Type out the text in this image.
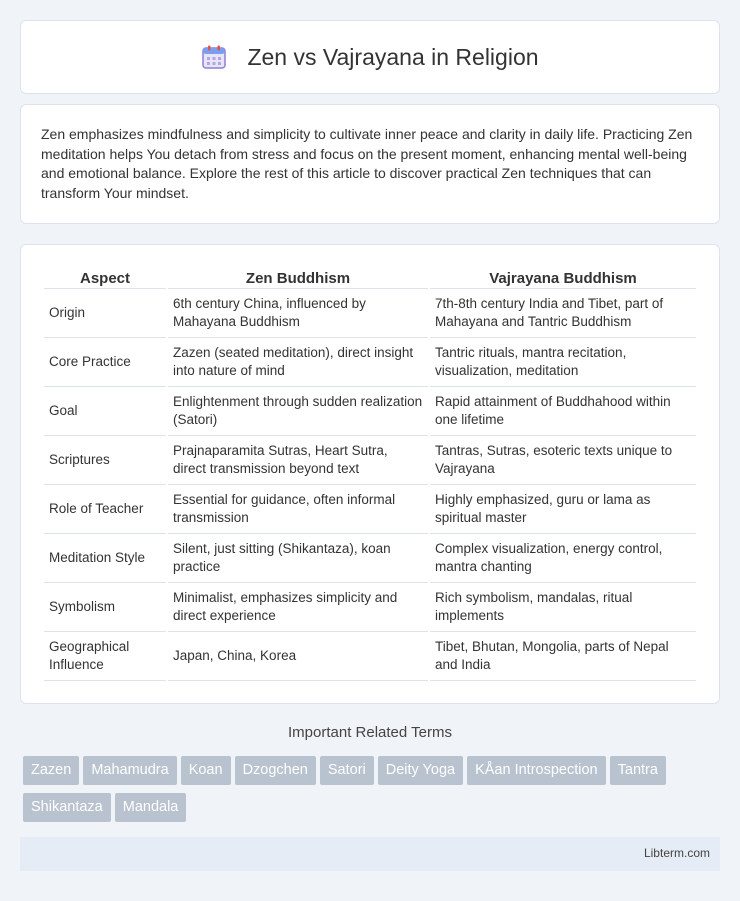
Zen vs Vajrayana in Religion

Zen emphasizes mindfulness and simplicity to cultivate inner peace and clarity in daily life. Practicing Zen meditation helps You detach from stress and focus on the present moment, enhancing mental well-being and emotional balance. Explore the rest of this article to discover practical Zen techniques that can transform Your mindset.

Aspect	Zen Buddhism	Vajrayana Buddhism
Origin	6th century China, influenced by Mahayana Buddhism	7th-8th century India and Tibet, part of Mahayana and Tantric Buddhism
Core Practice	Zazen (seated meditation), direct insight into nature of mind	Tantric rituals, mantra recitation, visualization, meditation
Goal	Enlightenment through sudden realization (Satori)	Rapid attainment of Buddhahood within one lifetime
Scriptures	Prajnaparamita Sutras, Heart Sutra, direct transmission beyond text	Tantras, Sutras, esoteric texts unique to Vajrayana
Role of Teacher	Essential for guidance, often informal transmission	Highly emphasized, guru or lama as spiritual master
Meditation Style	Silent, just sitting (Shikantaza), koan practice	Complex visualization, energy control, mantra chanting
Symbolism	Minimalist, emphasizes simplicity and direct experience	Rich symbolism, mandalas, ritual implements
Geographical Influence	Japan, China, Korea	Tibet, Bhutan, Mongolia, parts of Nepal and India
Important Related Terms
Zazen Mahamudra Koan Dzogchen Satori Deity Yoga KÅan Introspection TantraShikantaza Mandala
Libterm.com
